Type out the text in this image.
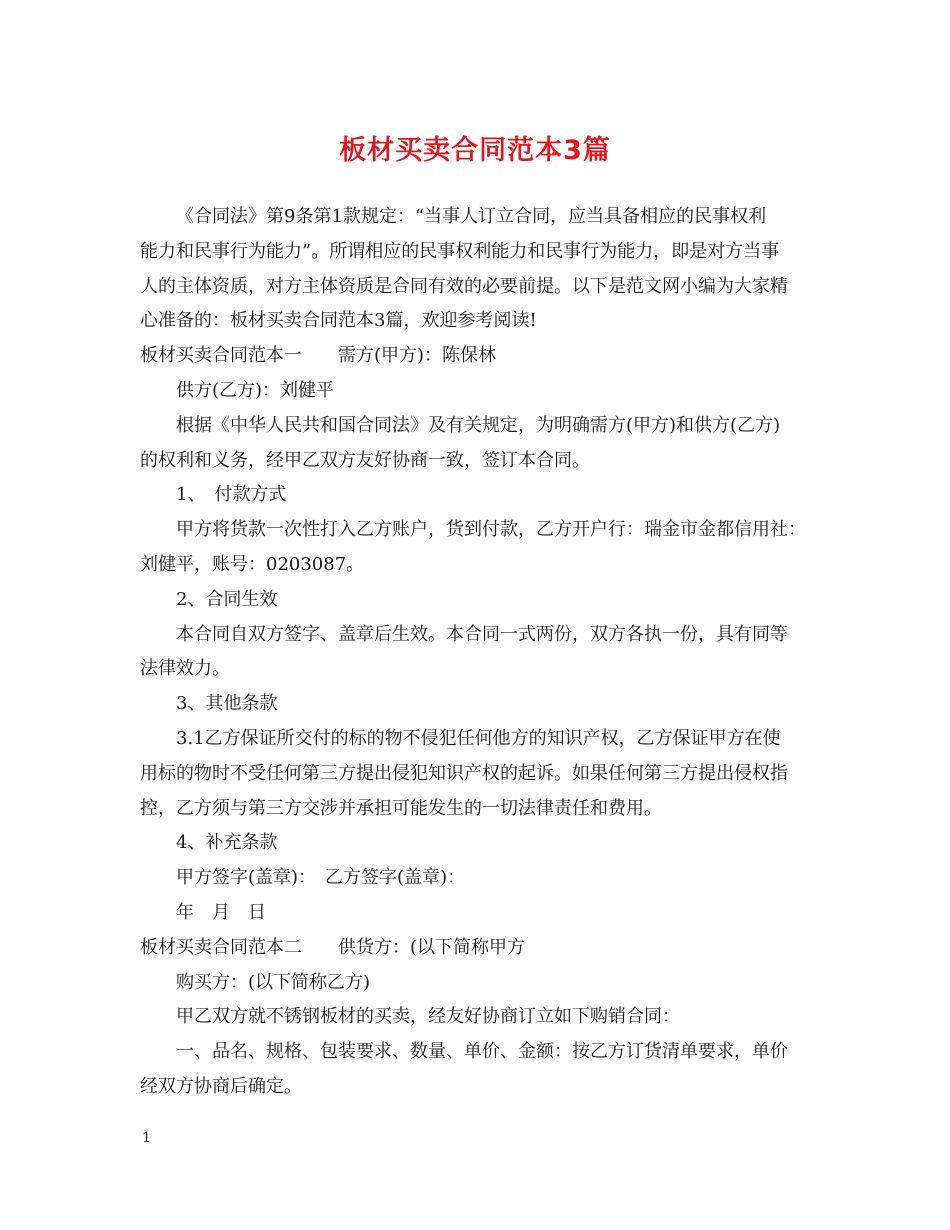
板材买卖合同范本3篇
《合同法》第9条第1款规定：“当事人订立合同，应当具备相应的民事权利
能力和民事行为能力”。所谓相应的民事权利能力和民事行为能力，即是对方当事
人的主体资质，对方主体资质是合同有效的必要前提。以下是范文网小编为大家精
心准备的：板材买卖合同范本3篇，欢迎参考阅读!
板材买卖合同范本一　　需方(甲方)：陈保林
供方(乙方)：刘健平
根据《中华人民共和国合同法》及有关规定，为明确需方(甲方)和供方(乙方)
的权利和义务，经甲乙双方友好协商一致，签订本合同。
1、　付款方式
甲方将货款一次性打入乙方账户，货到付款，乙方开户行：瑞金市金都信用社：
刘健平，账号：0203087。
2、合同生效
本合同自双方签字、盖章后生效。本合同一式两份，双方各执一份，具有同等
法律效力。
3、其他条款
3.1乙方保证所交付的标的物不侵犯任何他方的知识产权，乙方保证甲方在使
用标的物时不受任何第三方提出侵犯知识产权的起诉。如果任何第三方提出侵权指
控，乙方须与第三方交涉并承担可能发生的一切法律责任和费用。
4、补充条款
甲方签字(盖章)：　乙方签字(盖章)：
年　月　日
板材买卖合同范本二　　供货方：(以下简称甲方
购买方：(以下简称乙方)
甲乙双方就不锈钢板材的买卖，经友好协商订立如下购销合同：
一、品名、规格、包装要求、数量、单价、金额：按乙方订货清单要求，单价
经双方协商后确定。
1
